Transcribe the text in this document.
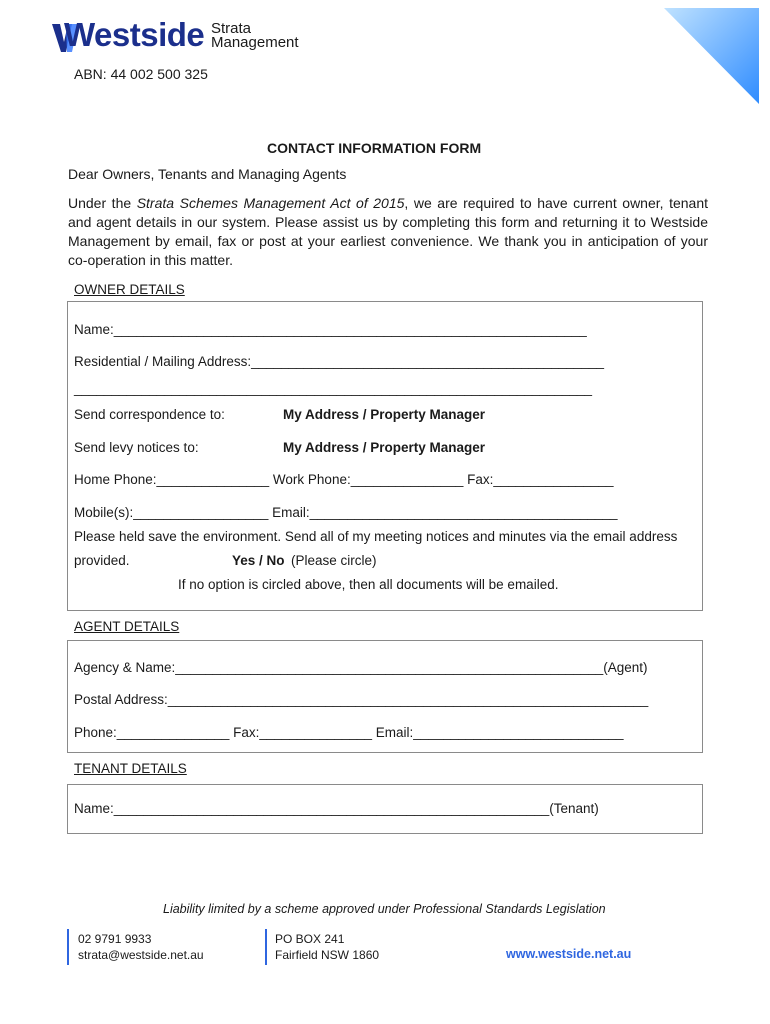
Westside Strata
Management
ABN: 44 002 500 325
CONTACT INFORMATION FORM
Dear Owners, Tenants and Managing Agents
Under the Strata Schemes Management Act of 2015, we are required to have current owner, tenant and agent details in our system. Please assist us by completing this form and returning it to Westside Management by email, fax or post at your earliest convenience. We thank you in anticipation of your co-operation in this matter.
OWNER DETAILS
Name:_______________________________________________________________
Residential / Mailing Address:_______________________________________________
_____________________________________________________________________
Send correspondence to:	My Address / Property Manager
Send levy notices to:	My Address / Property Manager
Home Phone:_______________ Work Phone:_______________ Fax:________________
Mobile(s):__________________ Email:_________________________________________
Please held save the environment. Send all of my meeting notices and minutes via the email address
provided.	Yes / No (Please circle)
If no option is circled above, then all documents will be emailed.
AGENT DETAILS
Agency & Name:_________________________________________________________(Agent)
Postal Address:________________________________________________________________
Phone:_______________ Fax:_______________ Email:____________________________
TENANT DETAILS
Name:__________________________________________________________(Tenant)
Liability limited by a scheme approved under Professional Standards Legislation
02 9791 9933
strata@westside.net.au
PO BOX 241
Fairfield NSW 1860	www.westside.net.au
